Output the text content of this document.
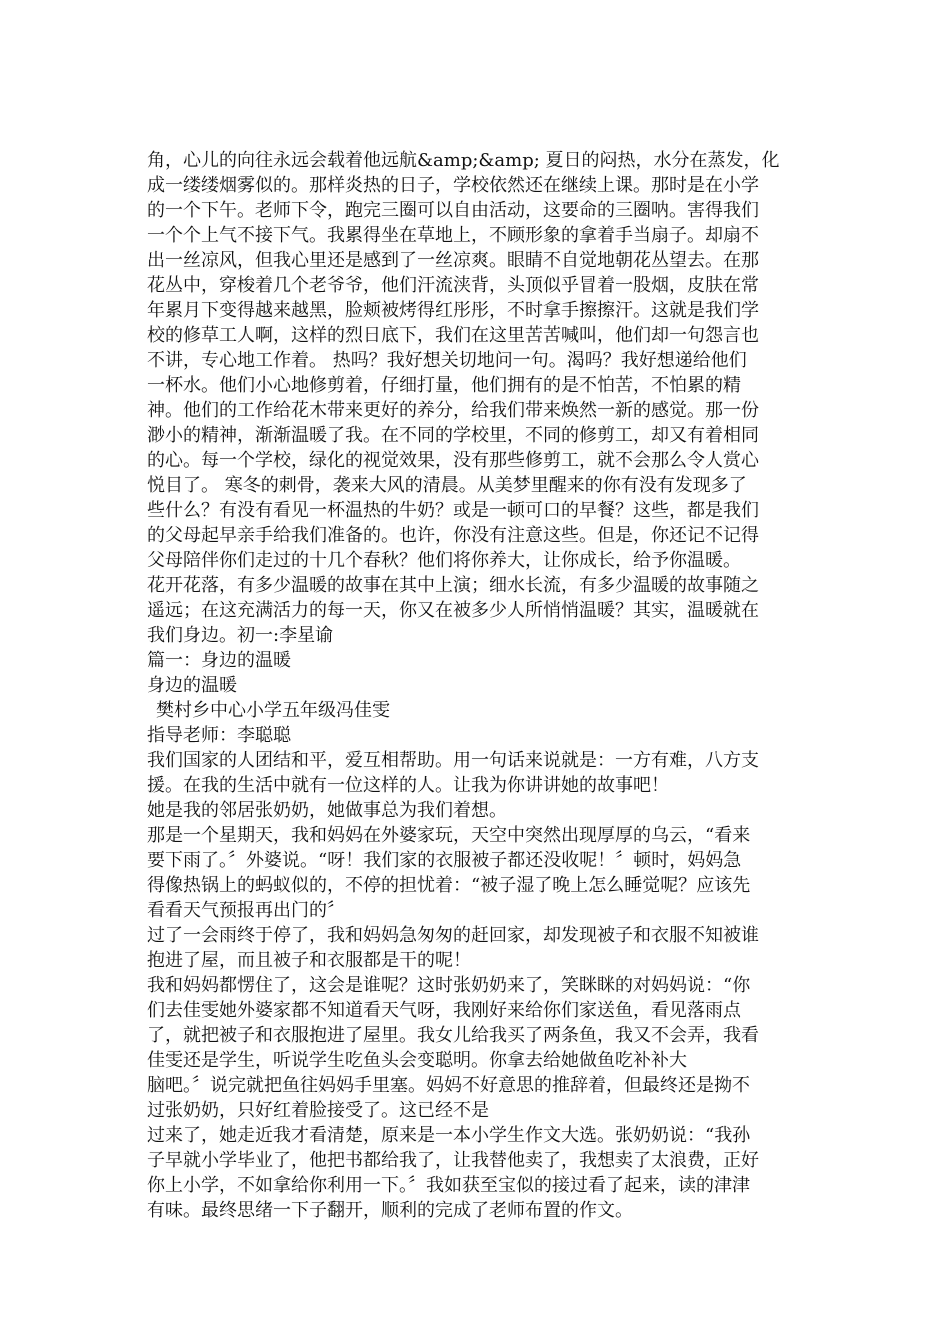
角，心儿的向往永远会载着他远航&amp;&amp; 夏日的闷热，水分在蒸发，化

成一缕缕烟雾似的。那样炎热的日子，学校依然还在继续上课。那时是在小学

的一个下午。老师下令，跑完三圈可以自由活动，这要命的三圈呐。害得我们

一个个上气不接下气。我累得坐在草地上，不顾形象的拿着手当扇子。却扇不

出一丝凉风，但我心里还是感到了一丝凉爽。眼睛不自觉地朝花丛望去。在那

花丛中，穿梭着几个老爷爷，他们汗流浃背，头顶似乎冒着一股烟，皮肤在常

年累月下变得越来越黑，脸颊被烤得红彤彤，不时拿手擦擦汗。这就是我们学

校的修草工人啊，这样的烈日底下，我们在这里苦苦喊叫，他们却一句怨言也

不讲，专心地工作着。 热吗？我好想关切地问一句。渴吗？我好想递给他们

一杯水。他们小心地修剪着，仔细打量，他们拥有的是不怕苦，不怕累的精

神。他们的工作给花木带来更好的养分，给我们带来焕然一新的感觉。那一份

渺小的精神，渐渐温暖了我。在不同的学校里，不同的修剪工，却又有着相同

的心。每一个学校，绿化的视觉效果，没有那些修剪工，就不会那么令人赏心

悦目了。 寒冬的刺骨，袭来大风的清晨。从美梦里醒来的你有没有发现多了

些什么？有没有看见一杯温热的牛奶？或是一顿可口的早餐？这些，都是我们

的父母起早亲手给我们准备的。也许，你没有注意这些。但是，你还记不记得

父母陪伴你们走过的十几个春秋？他们将你养大，让你成长，给予你温暖。

花开花落，有多少温暖的故事在其中上演；细水长流，有多少温暖的故事随之

遥远；在这充满活力的每一天，你又在被多少人所悄悄温暖？其实，温暖就在

我们身边。初一:李星谕

篇一：身边的温暖

身边的温暖

樊村乡中心小学五年级冯佳雯

指导老师：李聪聪

我们国家的人团结和平，爱互相帮助。用一句话来说就是：一方有难，八方支

援。在我的生活中就有一位这样的人。让我为你讲讲她的故事吧！

她是我的邻居张奶奶，她做事总为我们着想。

那是一个星期天，我和妈妈在外婆家玩，天空中突然出现厚厚的乌云，“看来

要下雨了。〞外婆说。“呀！我们家的衣服被子都还没收呢！〞顿时，妈妈急

得像热锅上的蚂蚁似的，不停的担忧着：“被子湿了晚上怎么睡觉呢？应该先

看看天气预报再出门的〞

过了一会雨终于停了，我和妈妈急匆匆的赶回家，却发现被子和衣服不知被谁

抱进了屋，而且被子和衣服都是干的呢！

我和妈妈都愣住了，这会是谁呢？这时张奶奶来了，笑眯眯的对妈妈说：“你

们去佳雯她外婆家都不知道看天气呀，我刚好来给你们家送鱼，看见落雨点

了，就把被子和衣服抱进了屋里。我女儿给我买了两条鱼，我又不会弄，我看

佳雯还是学生，听说学生吃鱼头会变聪明。你拿去给她做鱼吃补补大

脑吧。〞说完就把鱼往妈妈手里塞。妈妈不好意思的推辞着，但最终还是拗不

过张奶奶，只好红着脸接受了。这已经不是

过来了，她走近我才看清楚，原来是一本小学生作文大选。张奶奶说：“我孙

子早就小学毕业了，他把书都给我了，让我替他卖了，我想卖了太浪费，正好

你上小学，不如拿给你利用一下。〞我如获至宝似的接过看了起来，读的津津

有味。最终思绪一下子翻开，顺利的完成了老师布置的作文。
